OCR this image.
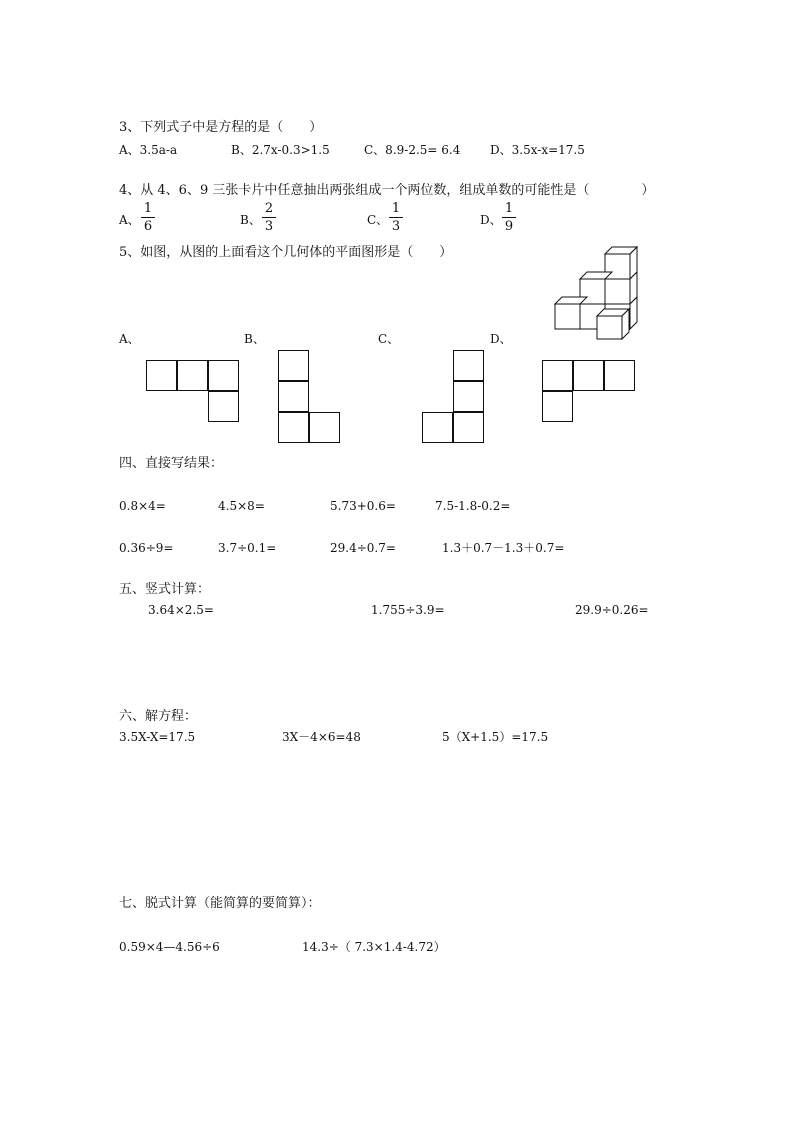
3、下列式子中是方程的是（　　）
A、3.5a-a	B、2.7x-0.3>1.5	C、8.9-2.5= 6.4 D、3.5x-x=17.5
4、从 4、6、9 三张卡片中任意抽出两张组成一个两位数，组成单数的可能性是（　　　　）
A、
1
6	B、
2
3	C、
1
3	D、
1
9
5、如图，从图的上面看这个几何体的平面图形是（　　）
A、	B、	C、	D、
四、直接写结果：
0.8×4=	4.5×8=	5.73+0.6=	7.5-1.8-0.2=
0.36÷9=	3.7÷0.1=	29.4÷0.7=	1.3＋0.7－1.3＋0.7=
五、竖式计算：
3.64×2.5=	1.755÷3.9=	29.9÷0.26=
六、解方程：
3.5X-X=17.5	3X－4×6=48	5（X+1.5）=17.5
七、脱式计算（能简算的要简算）：
0.59×4—4.56÷6	14.3÷（ 7.3×1.4-4.72）
